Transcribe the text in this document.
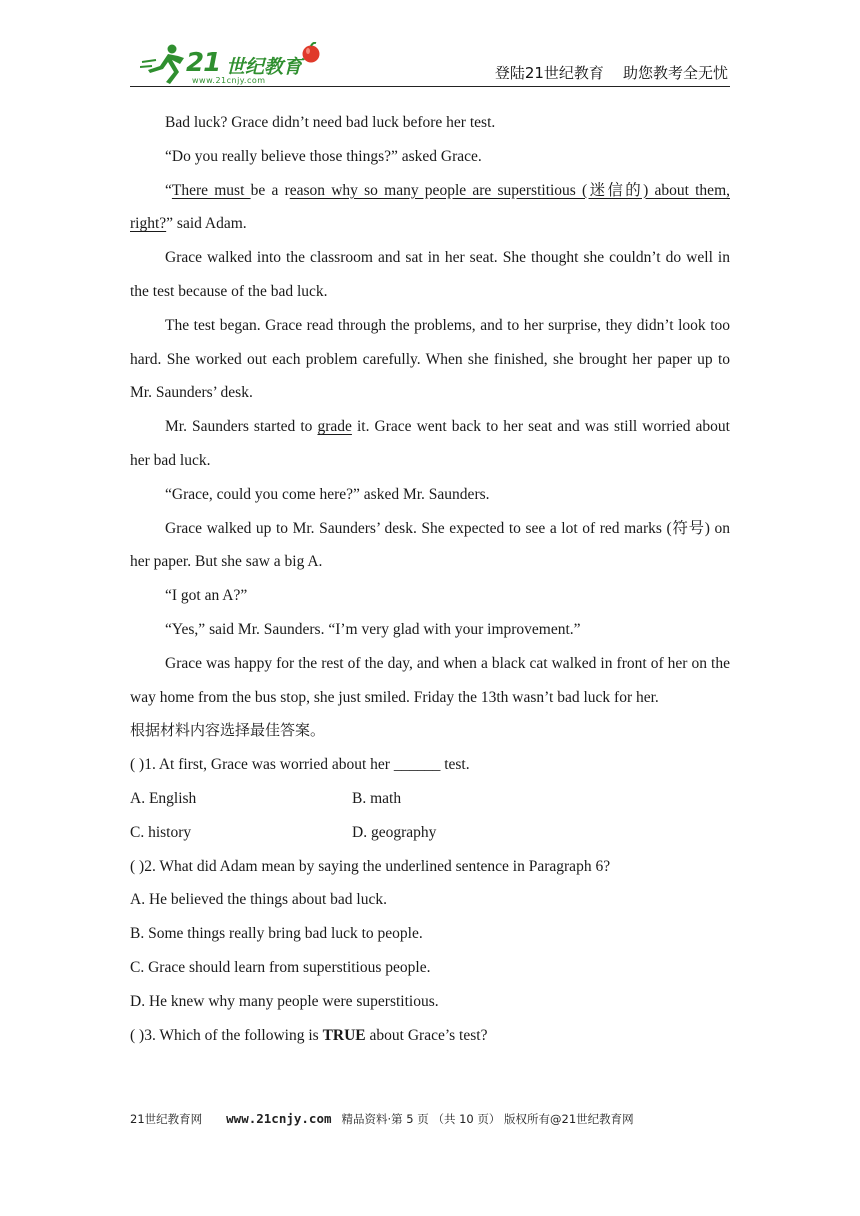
21 世纪教育
www.21cnjy.com	登陆21世纪教育    助您教考全无忧

Bad luck? Grace didn’t need bad luck before her test.

“Do you really believe those things?” asked Grace.

“There must be a reason why so many people are superstitious (迷信的) about them, right?” said Adam.

Grace walked into the classroom and sat in her seat. She thought she couldn’t do well in the test because of the bad luck.

The test began. Grace read through the problems, and to her surprise, they didn’t look too hard. She worked out each problem carefully. When she finished, she brought her paper up to Mr. Saunders’ desk.

Mr. Saunders started to grade it. Grace went back to her seat and was still worried about her bad luck.

“Grace, could you come here?” asked Mr. Saunders.

Grace walked up to Mr. Saunders’ desk. She expected to see a lot of red marks (符号) on her paper. But she saw a big A.

“I got an A?”

“Yes,” said Mr. Saunders. “I’m very glad with your improvement.”

Grace was happy for the rest of the day, and when a black cat walked in front of her on the way home from the bus stop, she just smiled. Friday the 13th wasn’t bad luck for her.

根据材料内容选择最佳答案。

( )1. At first, Grace was worried about her ______ test.

A. English	B. math
C. history	D. geography

( )2. What did Adam mean by saying the underlined sentence in Paragraph 6?

A. He believed the things about bad luck.

B. Some things really bring bad luck to people.

C. Grace should learn from superstitious people.

D. He knew why many people were superstitious.

( )3. Which of the following is TRUE about Grace’s test?

21世纪教育网 www.21cnjy.com 精品资料·第 5 页 （共 10 页） 版权所有@21世纪教育网
